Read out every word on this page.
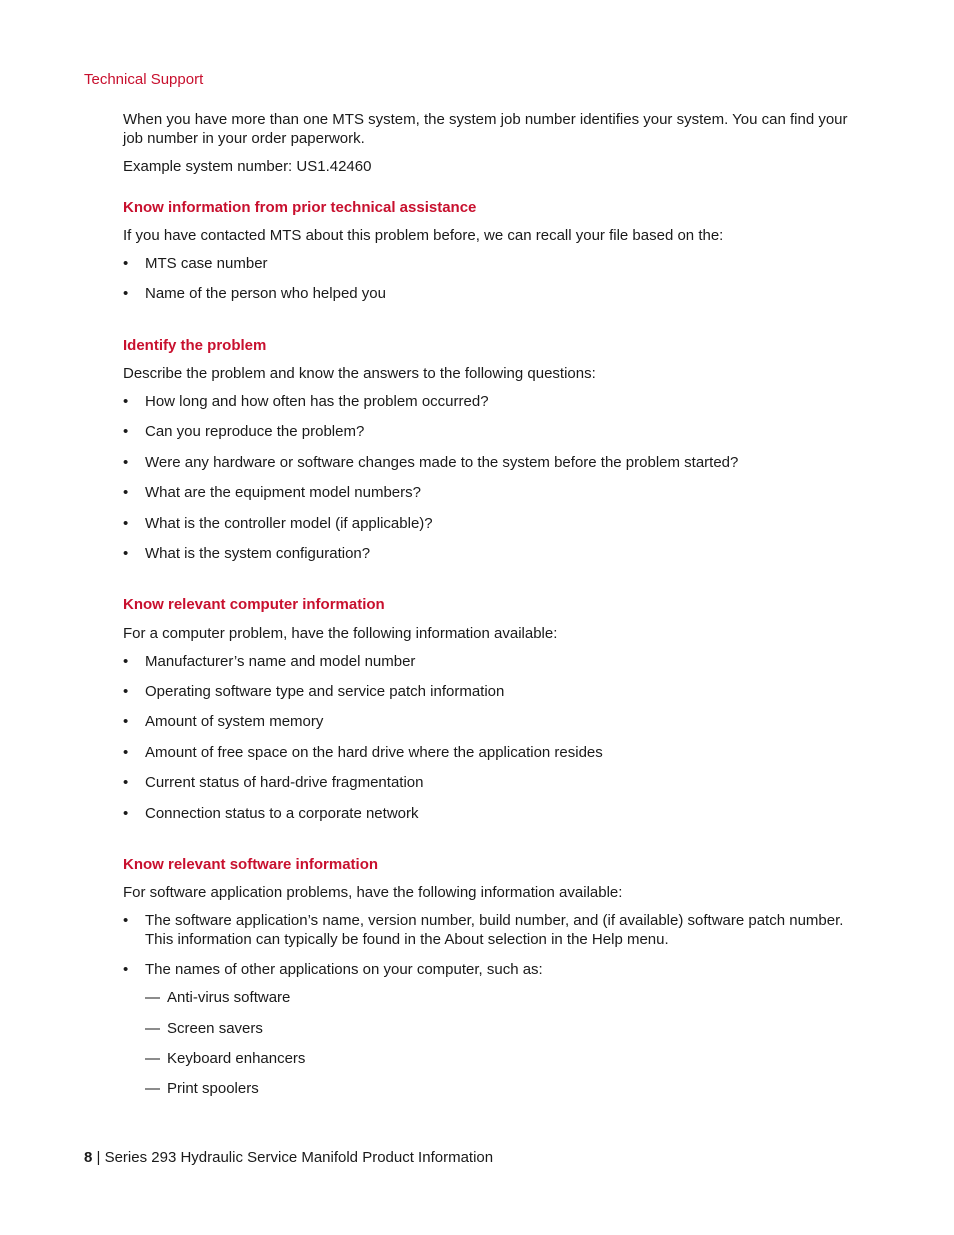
Technical Support

When you have more than one MTS system, the system job number identifies your system. You can find your job number in your order paperwork.

Example system number: US1.42460

Know information from prior technical assistance

If you have contacted MTS about this problem before, we can recall your file based on the:

• MTS case number
• Name of the person who helped you
Identify the problem

Describe the problem and know the answers to the following questions:

• How long and how often has the problem occurred?
• Can you reproduce the problem?
• Were any hardware or software changes made to the system before the problem started?
• What are the equipment model numbers?
• What is the controller model (if applicable)?
• What is the system configuration?
Know relevant computer information

For a computer problem, have the following information available:

• Manufacturer’s name and model number
• Operating software type and service patch information
• Amount of system memory
• Amount of free space on the hard drive where the application resides
• Current status of hard-drive fragmentation
• Connection status to a corporate network
Know relevant software information

For software application problems, have the following information available:

• The software application’s name, version number, build number, and (if available) software patch number. This information can typically be found in the About selection in the Help menu.
• The names of other applications on your computer, such as:
— Anti-virus software
— Screen savers
— Keyboard enhancers
— Print spoolers
8 | Series 293 Hydraulic Service Manifold Product Information
